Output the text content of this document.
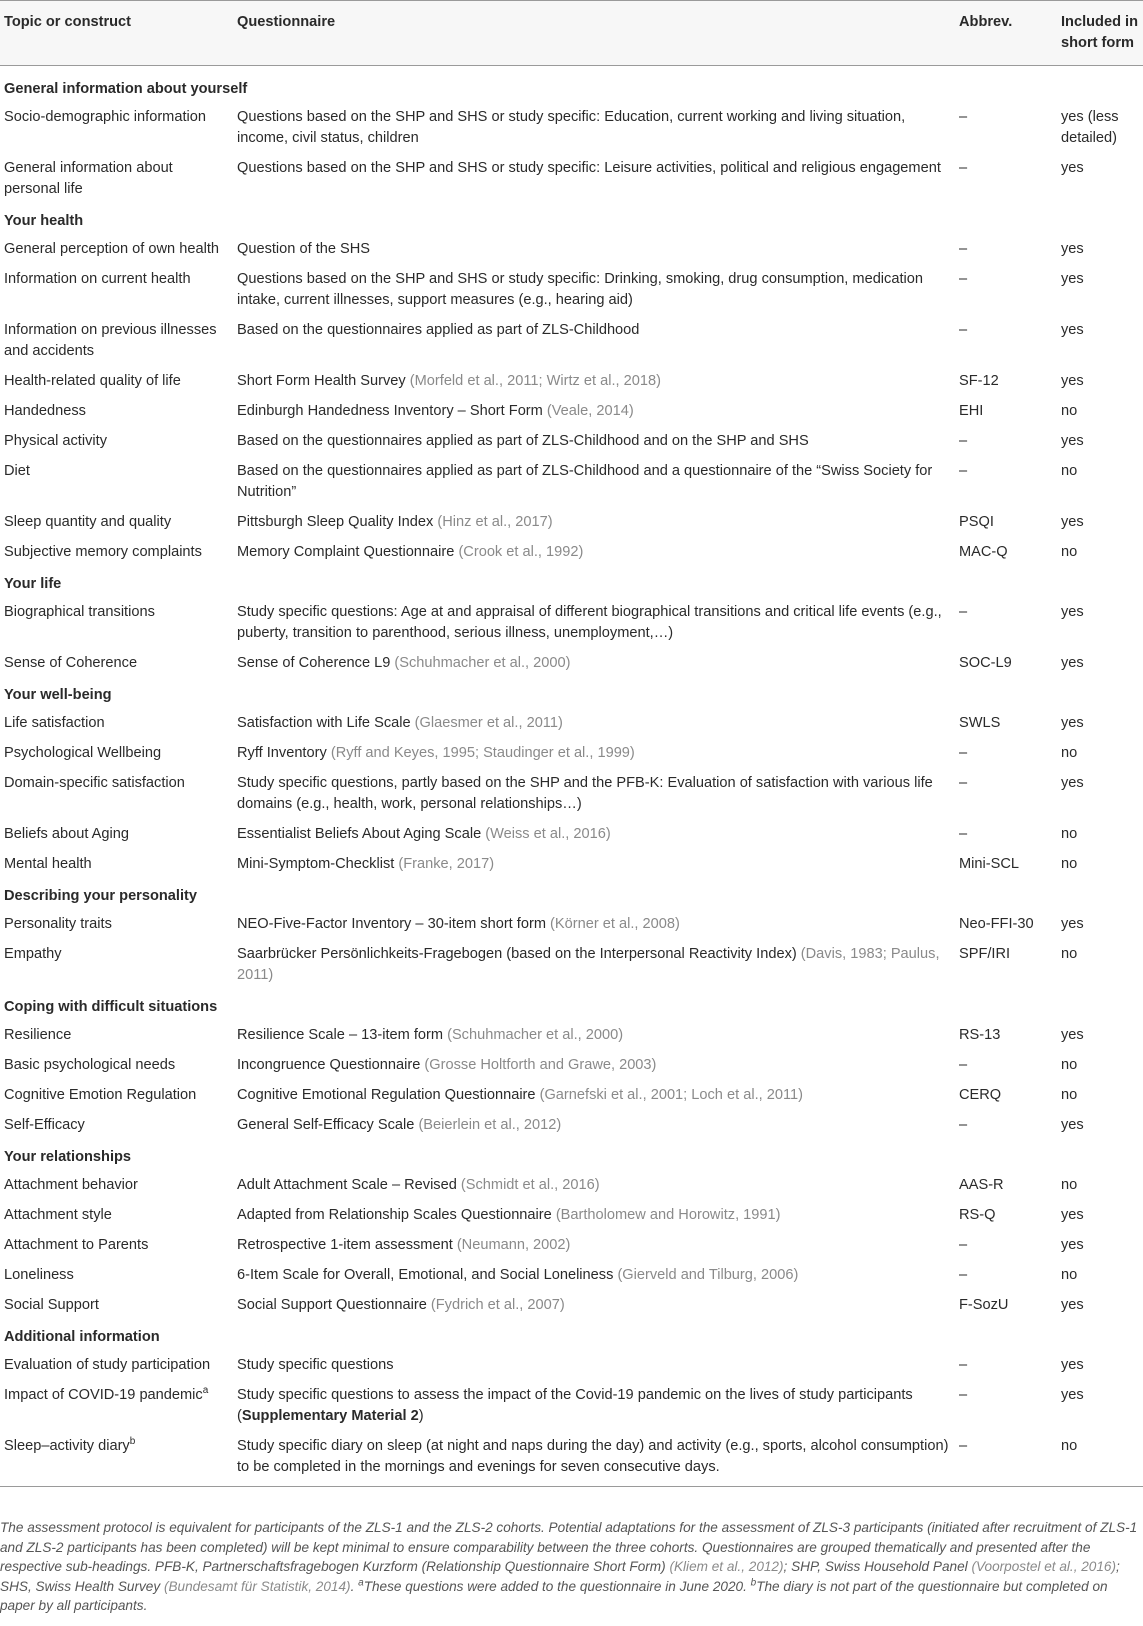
Topic or construct	Questionnaire	Abbrev.	Included in short form
General information about yourself			
Socio-demographic information	Questions based on the SHP and SHS or study specific: Education, current working and living situation, income, civil status, children	–	yes (less detailed)
General information about personal life	Questions based on the SHP and SHS or study specific: Leisure activities, political and religious engagement	–	yes
Your health			
General perception of own health	Question of the SHS	–	yes
Information on current health	Questions based on the SHP and SHS or study specific: Drinking, smoking, drug consumption, medication intake, current illnesses, support measures (e.g., hearing aid)	–	yes
Information on previous illnesses and accidents	Based on the questionnaires applied as part of ZLS-Childhood	–	yes
Health-related quality of life	Short Form Health Survey (Morfeld et al., 2011; Wirtz et al., 2018)	SF-12	yes
Handedness	Edinburgh Handedness Inventory – Short Form (Veale, 2014)	EHI	no
Physical activity	Based on the questionnaires applied as part of ZLS-Childhood and on the SHP and SHS	–	yes
Diet	Based on the questionnaires applied as part of ZLS-Childhood and a questionnaire of the “Swiss Society for Nutrition”	–	no
Sleep quantity and quality	Pittsburgh Sleep Quality Index (Hinz et al., 2017)	PSQI	yes
Subjective memory complaints	Memory Complaint Questionnaire (Crook et al., 1992)	MAC-Q	no
Your life			
Biographical transitions	Study specific questions: Age at and appraisal of different biographical transitions and critical life events (e.g., puberty, transition to parenthood, serious illness, unemployment,…)	–	yes
Sense of Coherence	Sense of Coherence L9 (Schuhmacher et al., 2000)	SOC-L9	yes
Your well-being			
Life satisfaction	Satisfaction with Life Scale (Glaesmer et al., 2011)	SWLS	yes
Psychological Wellbeing	Ryff Inventory (Ryff and Keyes, 1995; Staudinger et al., 1999)	–	no
Domain-specific satisfaction	Study specific questions, partly based on the SHP and the PFB-K: Evaluation of satisfaction with various life domains (e.g., health, work, personal relationships…)	–	yes
Beliefs about Aging	Essentialist Beliefs About Aging Scale (Weiss et al., 2016)	–	no
Mental health	Mini-Symptom-Checklist (Franke, 2017)	Mini-SCL	no
Describing your personality			
Personality traits	NEO-Five-Factor Inventory – 30-item short form (Körner et al., 2008)	Neo-FFI-30	yes
Empathy	Saarbrücker Persönlichkeits-Fragebogen (based on the Interpersonal Reactivity Index) (Davis, 1983; Paulus, 2011)	SPF/IRI	no
Coping with difficult situations			
Resilience	Resilience Scale – 13-item form (Schuhmacher et al., 2000)	RS-13	yes
Basic psychological needs	Incongruence Questionnaire (Grosse Holtforth and Grawe, 2003)	–	no
Cognitive Emotion Regulation	Cognitive Emotional Regulation Questionnaire (Garnefski et al., 2001; Loch et al., 2011)	CERQ	no
Self-Efficacy	General Self-Efficacy Scale (Beierlein et al., 2012)	–	yes
Your relationships			
Attachment behavior	Adult Attachment Scale – Revised (Schmidt et al., 2016)	AAS-R	no
Attachment style	Adapted from Relationship Scales Questionnaire (Bartholomew and Horowitz, 1991)	RS-Q	yes
Attachment to Parents	Retrospective 1-item assessment (Neumann, 2002)	–	yes
Loneliness	6-Item Scale for Overall, Emotional, and Social Loneliness (Gierveld and Tilburg, 2006)	–	no
Social Support	Social Support Questionnaire (Fydrich et al., 2007)	F-SozU	yes
Additional information			
Evaluation of study participation	Study specific questions	–	yes
Impact of COVID-19 pandemic$^a$	Study specific questions to assess the impact of the Covid-19 pandemic on the lives of study participants (Supplementary Material 2)	–	yes
Sleep–activity diary$^b$	Study specific diary on sleep (at night and naps during the day) and activity (e.g., sports, alcohol consumption) to be completed in the mornings and evenings for seven consecutive days.	–	no
The assessment protocol is equivalent for participants of the ZLS-1 and the ZLS-2 cohorts. Potential adaptations for the assessment of ZLS-3 participants (initiated after recruitment of ZLS-1 and ZLS-2 participants has been completed) will be kept minimal to ensure comparability between the three cohorts. Questionnaires are grouped thematically and presented after the respective sub-headings. PFB-K, Partnerschaftsfragebogen Kurzform (Relationship Questionnaire Short Form) (Kliem et al., 2012); SHP, Swiss Household Panel (Voorpostel et al., 2016); SHS, Swiss Health Survey (Bundesamt für Statistik, 2014). $^a$These questions were added to the questionnaire in June 2020. $^b$The diary is not part of the questionnaire but completed on paper by all participants.
